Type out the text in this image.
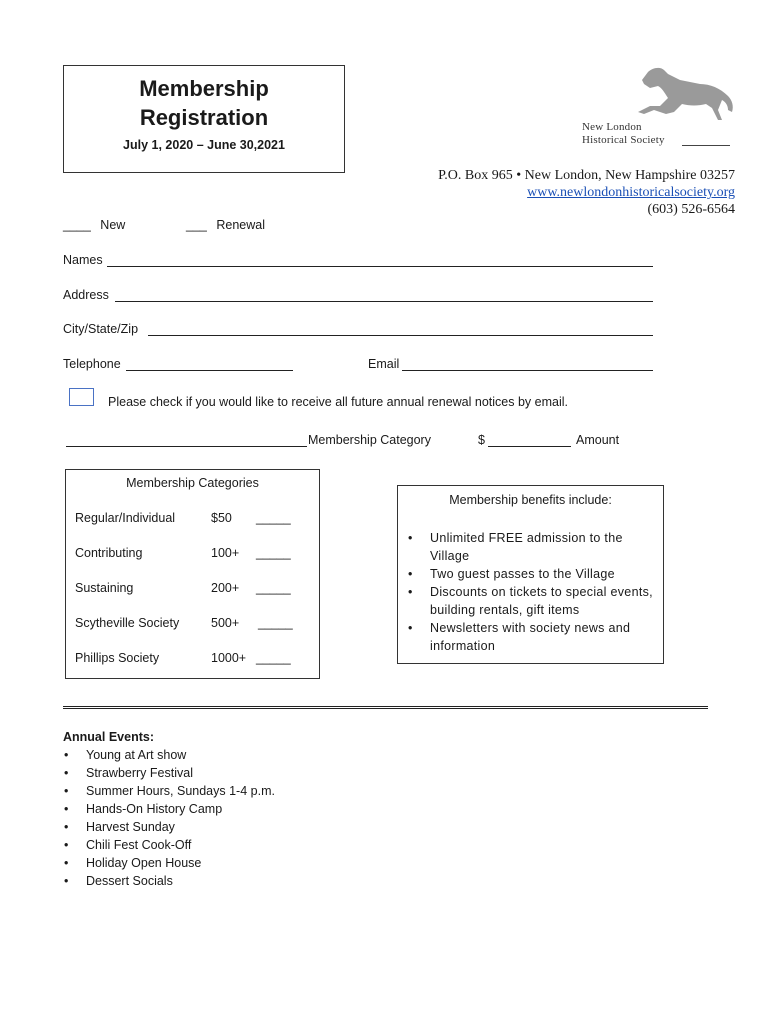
Membership
Registration
July 1, 2020 – June 30,2021
New London
Historical Society
P.O. Box 965 • New London, New Hampshire 03257
www.newlondonhistoricalsociety.org
(603) 526-6564
____ New	___ Renewal
Names
Address
City/State/Zip
Telephone	Email
Please check if you would like to receive all future annual renewal notices by email.
Membership Category	$	Amount
Membership Categories
Regular/Individual	$50 _____
Contributing	100+ _____
Sustaining	200+ _____
Scytheville Society	500+ _____
Phillips Society	1000+ _____
Membership benefits include:
• Unlimited FREE admission to the Village
• Two guest passes to the Village
• Discounts on tickets to special events, building rentals, gift items
• Newsletters with society news and information
Annual Events:
• Young at Art show
• Strawberry Festival
• Summer Hours, Sundays 1-4 p.m.
• Hands-On History Camp
• Harvest Sunday
• Chili Fest Cook-Off
• Holiday Open House
• Dessert Socials
